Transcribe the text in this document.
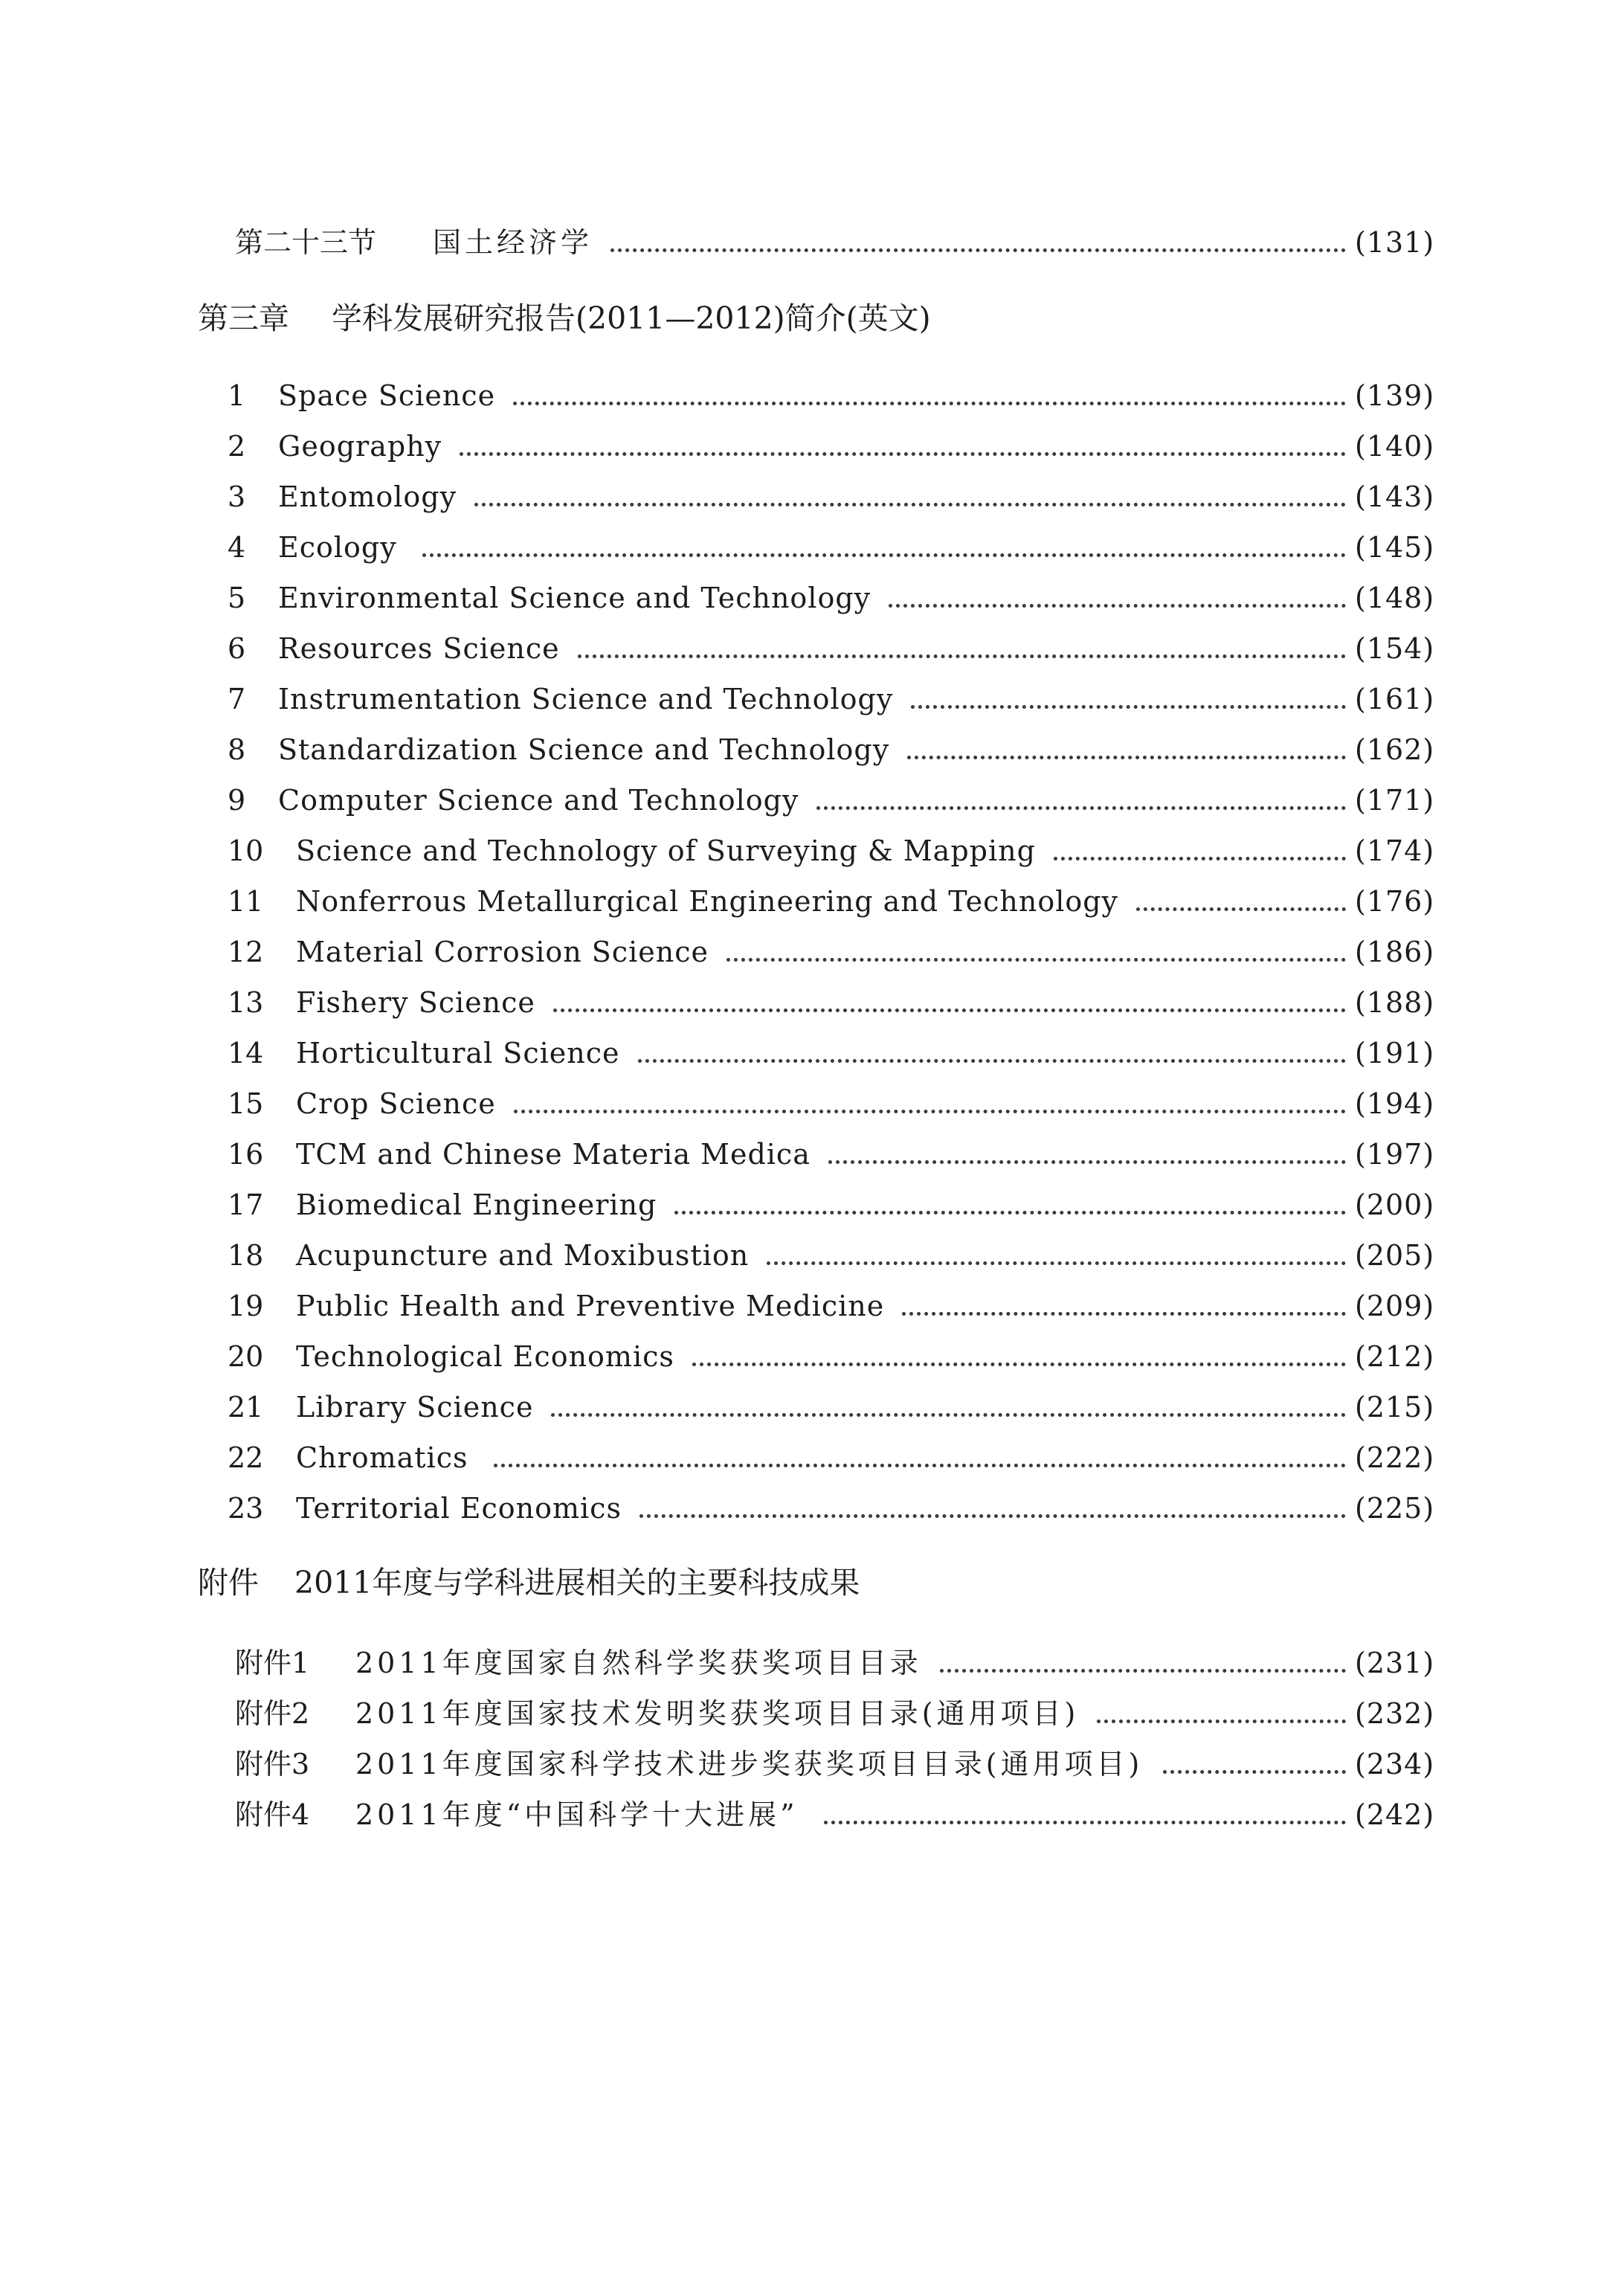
第二十三节 国土经济学	(131)
第三章 学科发展研究报告(2011—2012)简介(英文)
1 Space Science	(139)
2 Geography	(140)
3 Entomology	(143)
4 Ecology	(145)
5 Environmental Science and Technology	(148)
6 Resources Science	(154)
7 Instrumentation Science and Technology	(161)
8 Standardization Science and Technology	(162)
9 Computer Science and Technology	(171)
10 Science and Technology of Surveying & Mapping	(174)
11 Nonferrous Metallurgical Engineering and Technology	(176)
12 Material Corrosion Science	(186)
13 Fishery Science	(188)
14 Horticultural Science	(191)
15 Crop Science	(194)
16 TCM and Chinese Materia Medica	(197)
17 Biomedical Engineering	(200)
18 Acupuncture and Moxibustion	(205)
19 Public Health and Preventive Medicine	(209)
20 Technological Economics	(212)
21 Library Science	(215)
22 Chromatics	(222)
23 Territorial Economics	(225)
附件 2011年度与学科进展相关的主要科技成果
附件1 2011年度国家自然科学奖获奖项目目录	(231)
附件2 2011年度国家技术发明奖获奖项目目录(通用项目)	(232)
附件3 2011年度国家科学技术进步奖获奖项目目录(通用项目)	(234)
附件4 2011年度“中国科学十大进展”	(242)
